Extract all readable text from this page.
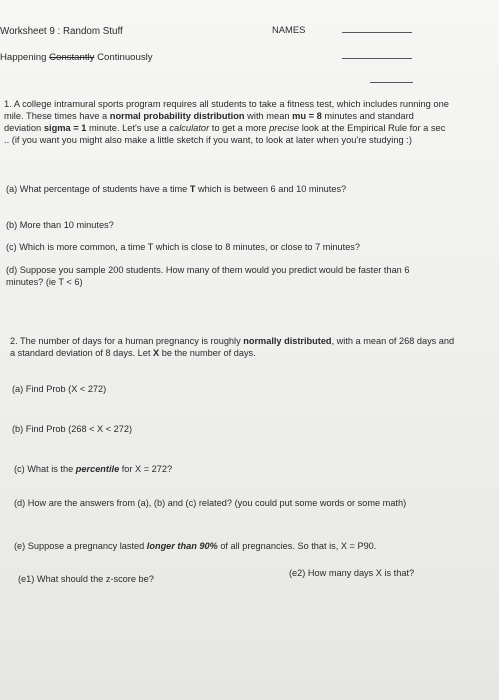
Worksheet 9 : Random Stuff	NAMES
Happening Constantly Continuously
1. A college intramural sports program requires all students to take a fitness test, which includes running one mile. These times have a normal probability distribution with mean mu = 8 minutes and standard deviation sigma = 1 minute. Let's use a calculator to get a more precise look at the Empirical Rule for a sec .. (if you want you might also make a little sketch if you want, to look at later when you're studying :)
(a) What percentage of students have a time T which is between 6 and 10 minutes?
(b) More than 10 minutes?
(c) Which is more common, a time T which is close to 8 minutes, or close to 7 minutes?
(d) Suppose you sample 200 students. How many of them would you predict would be faster than 6 minutes? (ie T < 6)
2. The number of days for a human pregnancy is roughly normally distributed, with a mean of 268 days and a standard deviation of 8 days. Let X be the number of days.
(a) Find Prob (X < 272)
(b) Find Prob (268 < X < 272)
(c) What is the percentile for X = 272?
(d) How are the answers from (a), (b) and (c) related? (you could put some words or some math)
(e) Suppose a pregnancy lasted longer than 90% of all pregnancies. So that is, X = P90.
(e1) What should the z-score be?
(e2) How many days X is that?
